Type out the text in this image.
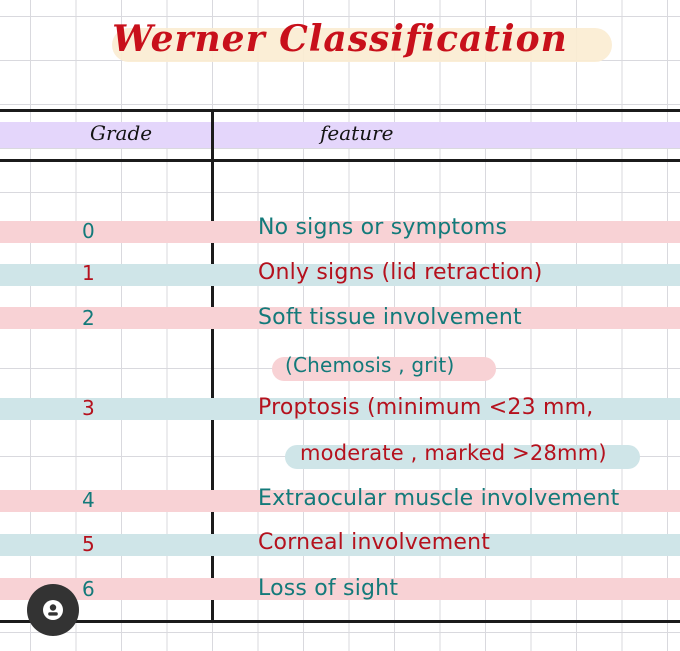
Werner Classification
Grade	feature
0	No signs or symptoms
1	Only signs (lid retraction)
2	Soft tissue involvement
(Chemosis , grit)
3	Proptosis (minimum <23 mm,
moderate , marked >28mm)
4	Extraocular muscle involvement
5	Corneal involvement
6	Loss of sight
